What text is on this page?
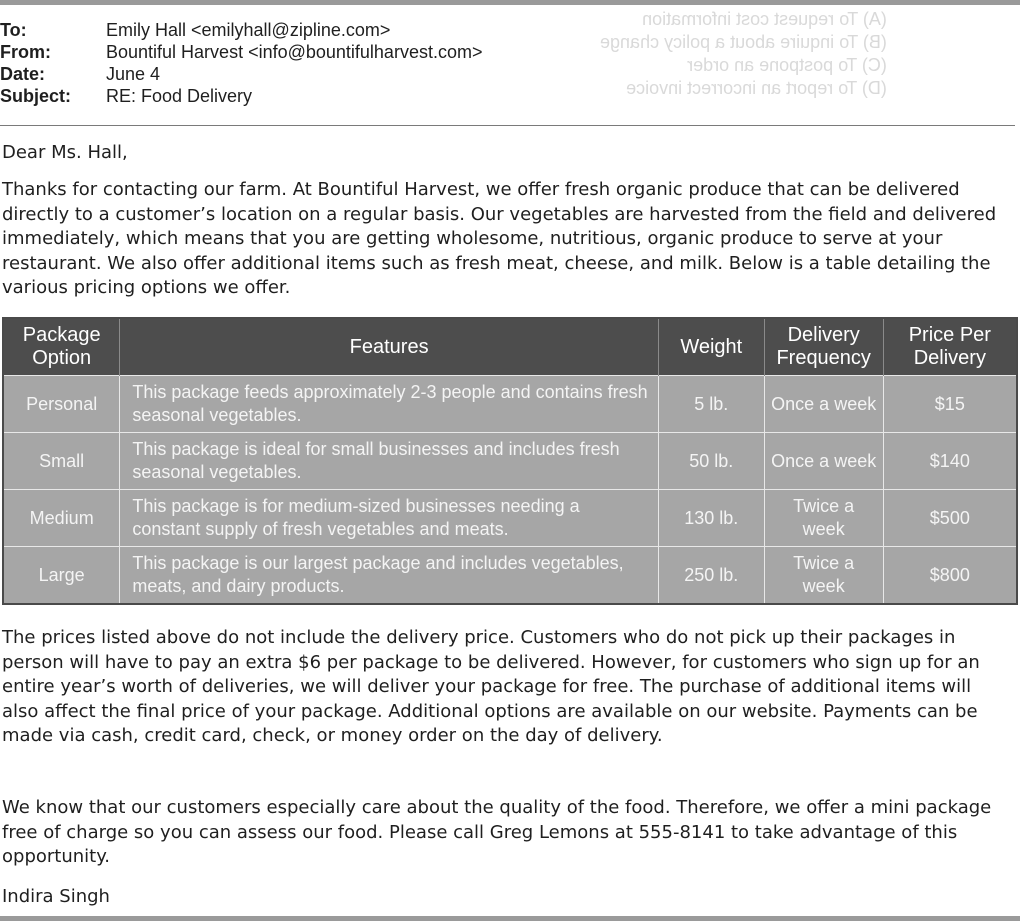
(A) To request cost information
(B) To inquire about a policy change
(C) To postpone an order
(D) To report an incorrect invoice
To:	Emily Hall <emilyhall@zipline.com>
From:	Bountiful Harvest <info@bountifulharvest.com>
Date:	June 4
Subject:	RE: Food Delivery
Dear Ms. Hall,

Thanks for contacting our farm. At Bountiful Harvest, we offer fresh organic produce that can be delivered directly to a customer’s location on a regular basis. Our vegetables are harvested from the field and delivered immediately, which means that you are getting wholesome, nutritious, organic produce to serve at your restaurant. We also offer additional items such as fresh meat, cheese, and milk. Below is a table detailing the various pricing options we offer.

Package Option	Features	Weight	Delivery Frequency	Price Per Delivery
Personal	This package feeds approximately 2-3 people and contains fresh seasonal vegetables.	5 lb.	Once a week	$15
Small	This package is ideal for small businesses and includes fresh seasonal vegetables.	50 lb.	Once a week	$140
Medium	This package is for medium-sized businesses needing a constant supply of fresh vegetables and meats.	130 lb.	Twice a week	$500
Large	This package is our largest package and includes vegetables, meats, and dairy products.	250 lb.	Twice a week	$800

The prices listed above do not include the delivery price. Customers who do not pick up their packages in person will have to pay an extra $6 per package to be delivered. However, for customers who sign up for an entire year’s worth of deliveries, we will deliver your package for free. The purchase of additional items will also affect the final price of your package. Additional options are available on our website. Payments can be made via cash, credit card, check, or money order on the day of delivery.

We know that our customers especially care about the quality of the food. Therefore, we offer a mini package free of charge so you can assess our food. Please call Greg Lemons at 555-8141 to take advantage of this opportunity.

Indira Singh
